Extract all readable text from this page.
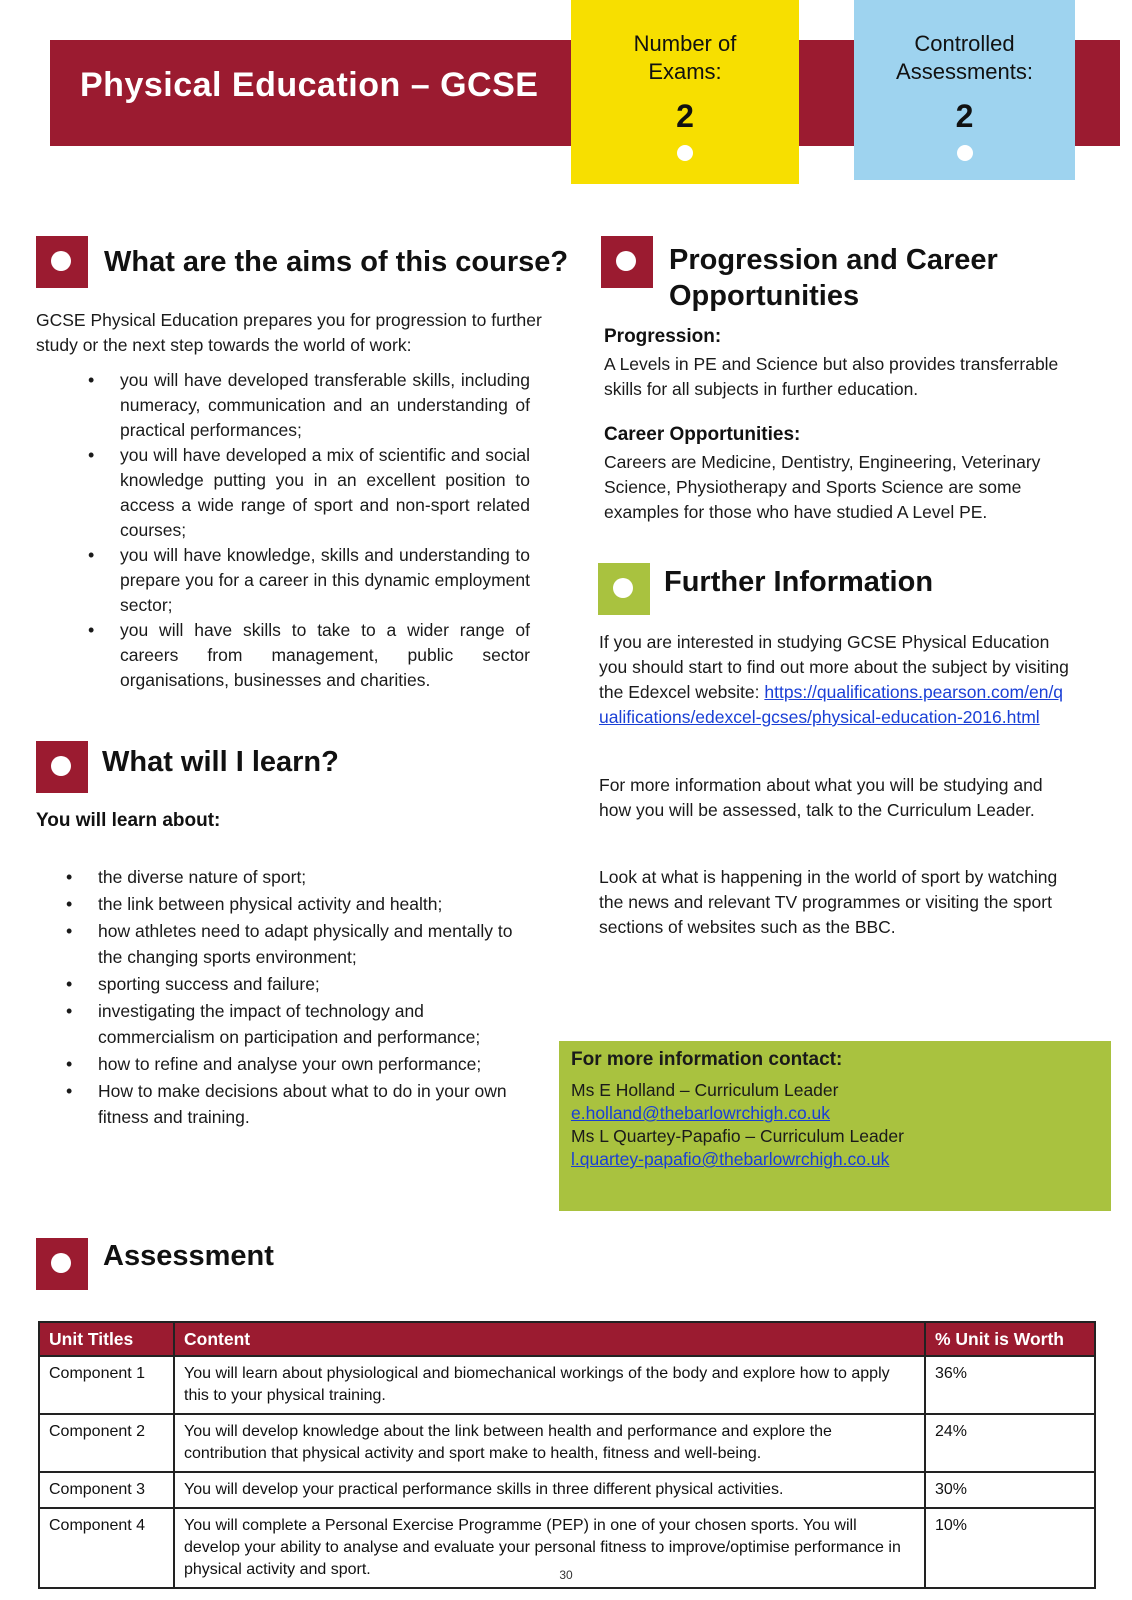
Physical Education – GCSE
Number of
Exams:
2
Controlled
Assessments:
2
What are the aims of this course?
GCSE Physical Education prepares you for progression to further study or the next step towards the world of work:
• you will have developed transferable skills, including numeracy, communication and an understanding of practical performances;
• you will have developed a mix of scientific and social knowledge putting you in an excellent position to access a wide range of sport and non-sport related courses;
• you will have knowledge, skills and understanding to prepare you for a career in this dynamic employment sector;
• you will have skills to take to a wider range of careers from management, public sector organisations, businesses and charities.
What will I learn?
You will learn about:
• the diverse nature of sport;
• the link between physical activity and health;
• how athletes need to adapt physically and mentally to the changing sports environment;
• sporting success and failure;
• investigating the impact of technology and commercialism on participation and performance;
• how to refine and analyse your own performance;
• How to make decisions about what to do in your own fitness and training.
Progression and Career
Opportunities
Progression:
A Levels in PE and Science but also provides transferrable skills for all subjects in further education.
Career Opportunities:
Careers are Medicine, Dentistry, Engineering, Veterinary Science, Physiotherapy and Sports Science are some examples for those who have studied A Level PE.
Further Information
If you are interested in studying GCSE Physical Education you should start to find out more about the subject by visiting the Edexcel website: https://qualifications.pearson.com/en/qualifications/edexcel-gcses/physical-education-2016.html
For more information about what you will be studying and how you will be assessed, talk to the Curriculum Leader.
Look at what is happening in the world of sport by watching the news and relevant TV programmes or visiting the sport sections of websites such as the BBC.
For more information contact:
Ms E Holland – Curriculum Leader
e.holland@thebarlowrchigh.co.uk
Ms L Quartey-Papafio – Curriculum Leader
l.quartey-papafio@thebarlowrchigh.co.uk
Assessment
Unit Titles	Content	% Unit is Worth
Component 1	You will learn about physiological and biomechanical workings of the body and explore how to apply this to your physical training.	36%
Component 2	You will develop knowledge about the link between health and performance and explore the contribution that physical activity and sport make to health, fitness and well-being.	24%
Component 3	You will develop your practical performance skills in three different physical activities.	30%
Component 4	You will complete a Personal Exercise Programme (PEP) in one of your chosen sports. You will develop your ability to analyse and evaluate your personal fitness to improve/optimise performance in physical activity and sport.	10%
30
